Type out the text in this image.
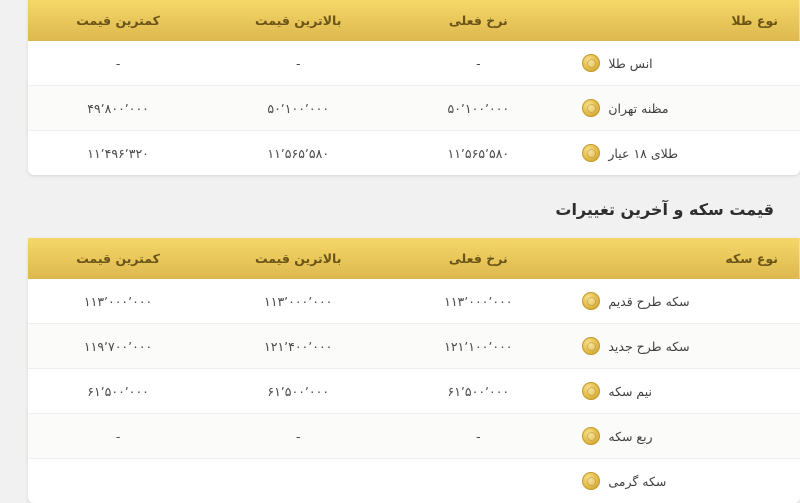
نوع طلا	نرخ فعلی	بالاترین قیمت	کمترین قیمت

انس طلا	-	-	-

مظنه تهران	۵۰٬۱۰۰٬۰۰۰	۵۰٬۱۰۰٬۰۰۰	۴۹٬۸۰۰٬۰۰۰

طلای ۱۸ عیار	۱۱٬۵۶۵٬۵۸۰	۱۱٬۵۶۵٬۵۸۰	۱۱٬۴۹۶٬۳۲۰
قیمت سکه و آخرین تغییرات
نوع سکه	نرخ فعلی	بالاترین قیمت	کمترین قیمت

سکه طرح قدیم	۱۱۳٬۰۰۰٬۰۰۰	۱۱۳٬۰۰۰٬۰۰۰	۱۱۳٬۰۰۰٬۰۰۰

سکه طرح جدید	۱۲۱٬۱۰۰٬۰۰۰	۱۲۱٬۴۰۰٬۰۰۰	۱۱۹٬۷۰۰٬۰۰۰

نیم سکه	۶۱٬۵۰۰٬۰۰۰	۶۱٬۵۰۰٬۰۰۰	۶۱٬۵۰۰٬۰۰۰

ربع سکه	-	-	-

سکه گرمی			
